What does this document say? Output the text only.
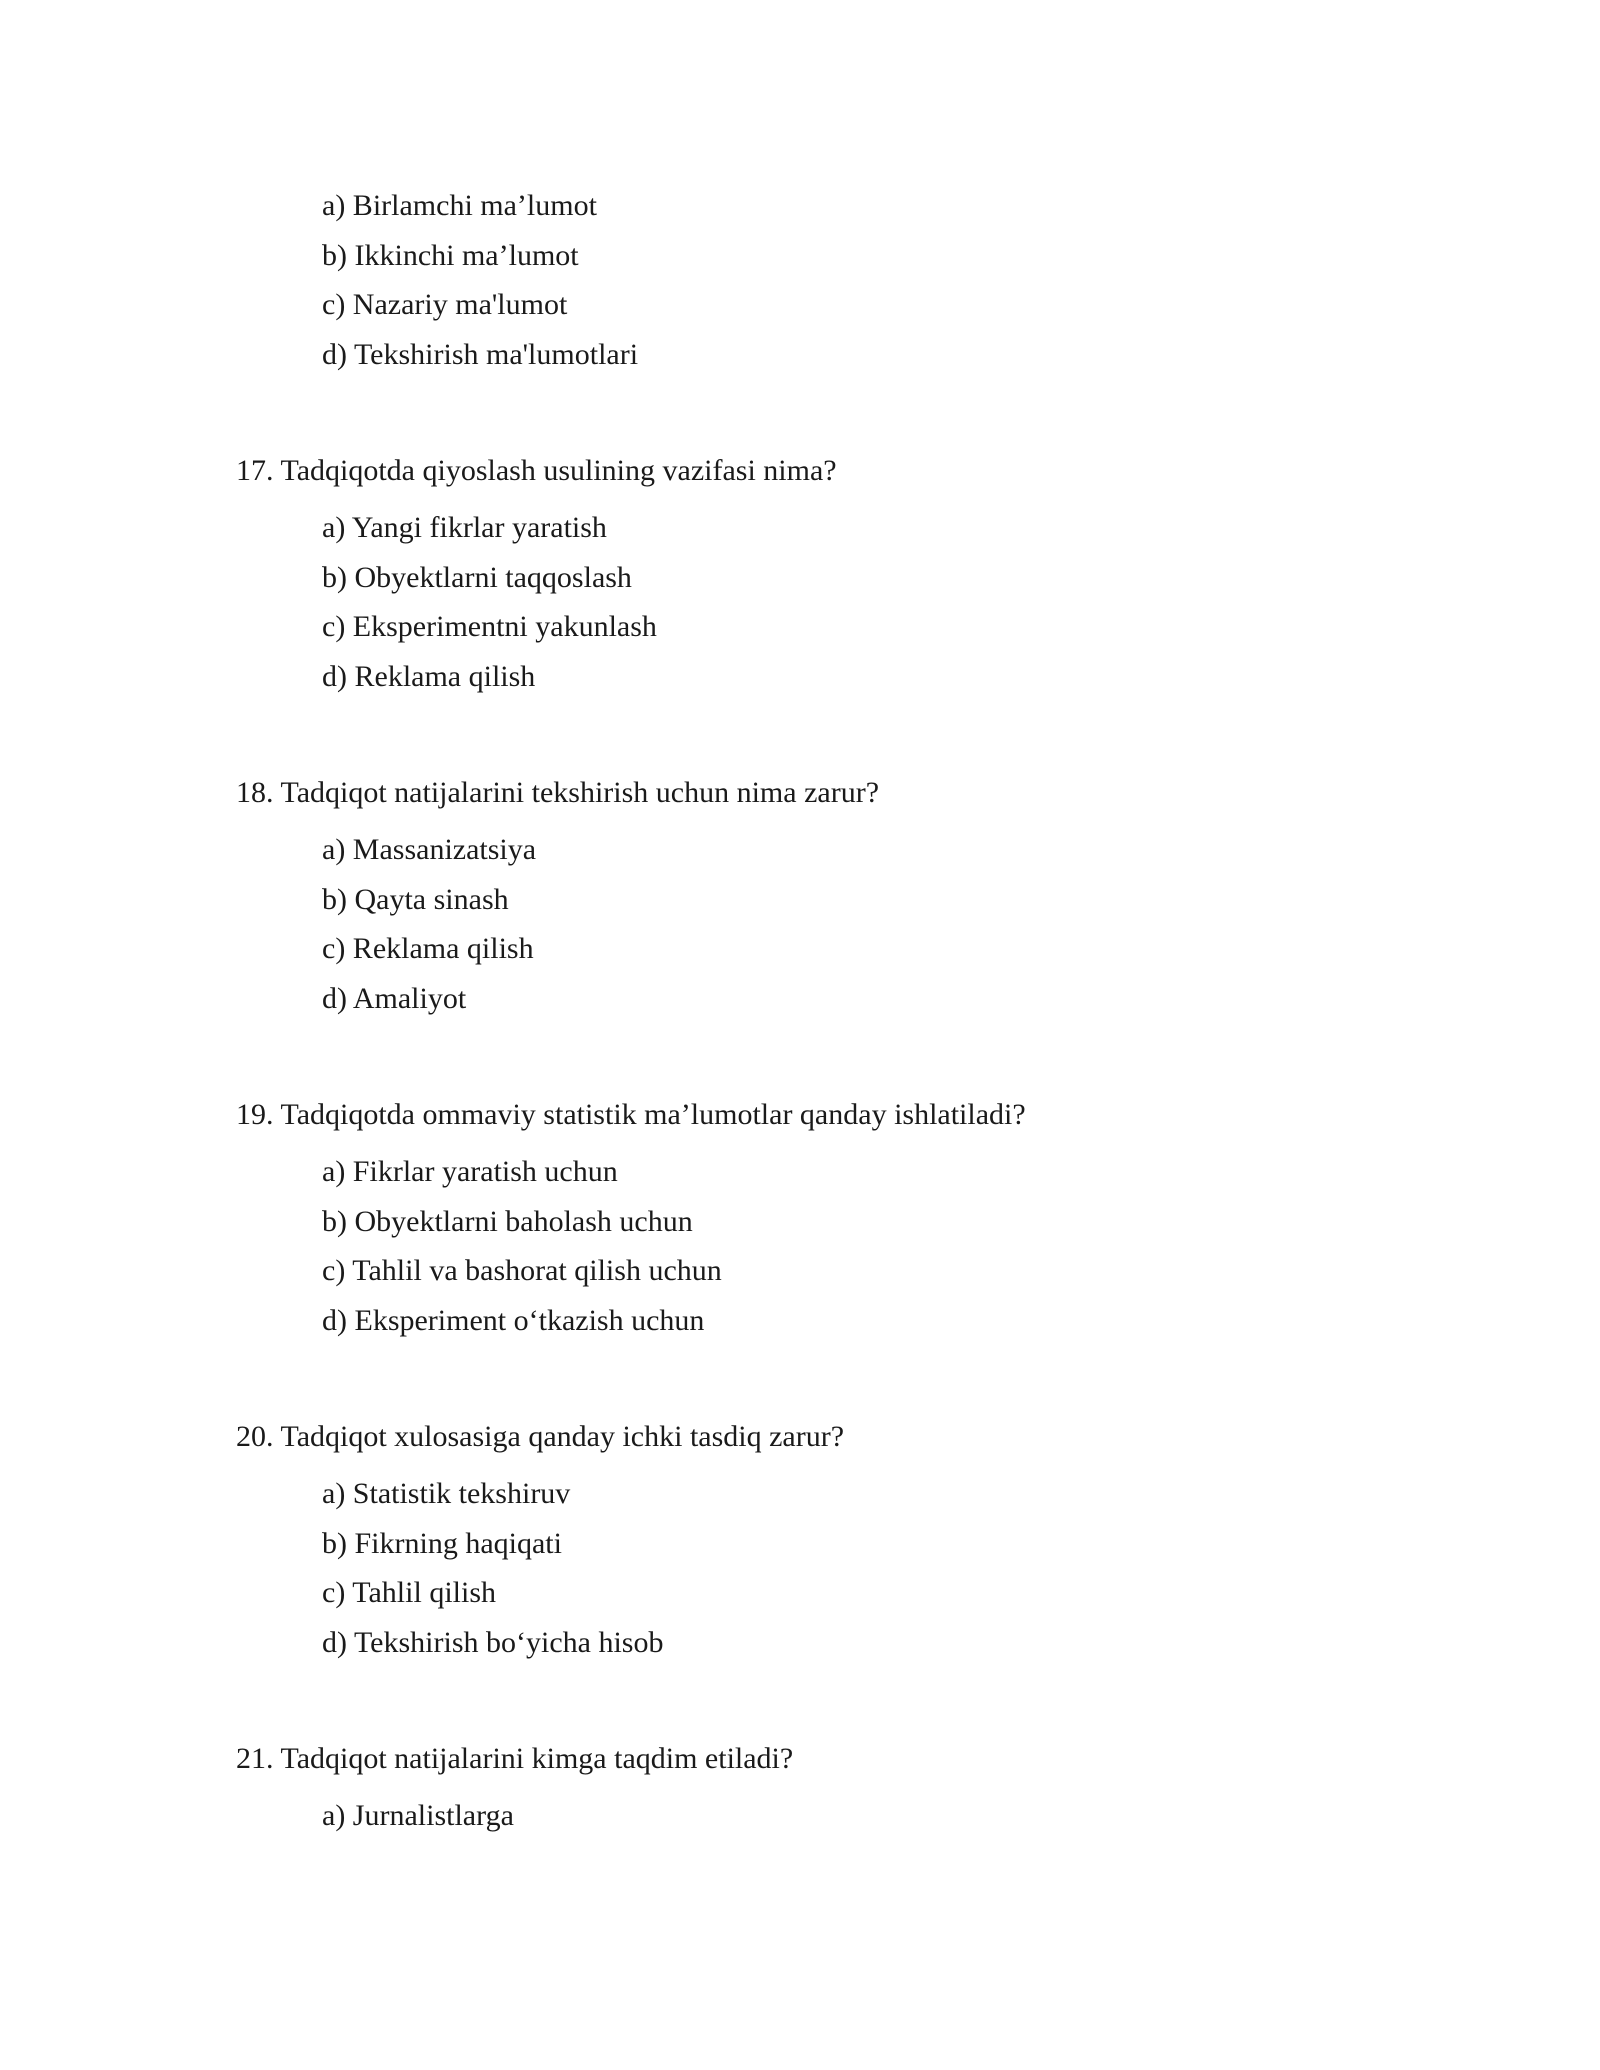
a) Birlamchi ma’lumot
b) Ikkinchi ma’lumot
c) Nazariy ma'lumot
d) Tekshirish ma'lumotlari
17. Tadqiqotda qiyoslash usulining vazifasi nima?
a) Yangi fikrlar yaratish
b) Obyektlarni taqqoslash
c) Eksperimentni yakunlash
d) Reklama qilish
18. Tadqiqot natijalarini tekshirish uchun nima zarur?
a) Massanizatsiya
b) Qayta sinash
c) Reklama qilish
d) Amaliyot
19. Tadqiqotda ommaviy statistik ma’lumotlar qanday ishlatiladi?
a) Fikrlar yaratish uchun
b) Obyektlarni baholash uchun
c) Tahlil va bashorat qilish uchun
d) Eksperiment o‘tkazish uchun
20. Tadqiqot xulosasiga qanday ichki tasdiq zarur?
a) Statistik tekshiruv
b) Fikrning haqiqati
c) Tahlil qilish
d) Tekshirish bo‘yicha hisob
21. Tadqiqot natijalarini kimga taqdim etiladi?
a) Jurnalistlarga
